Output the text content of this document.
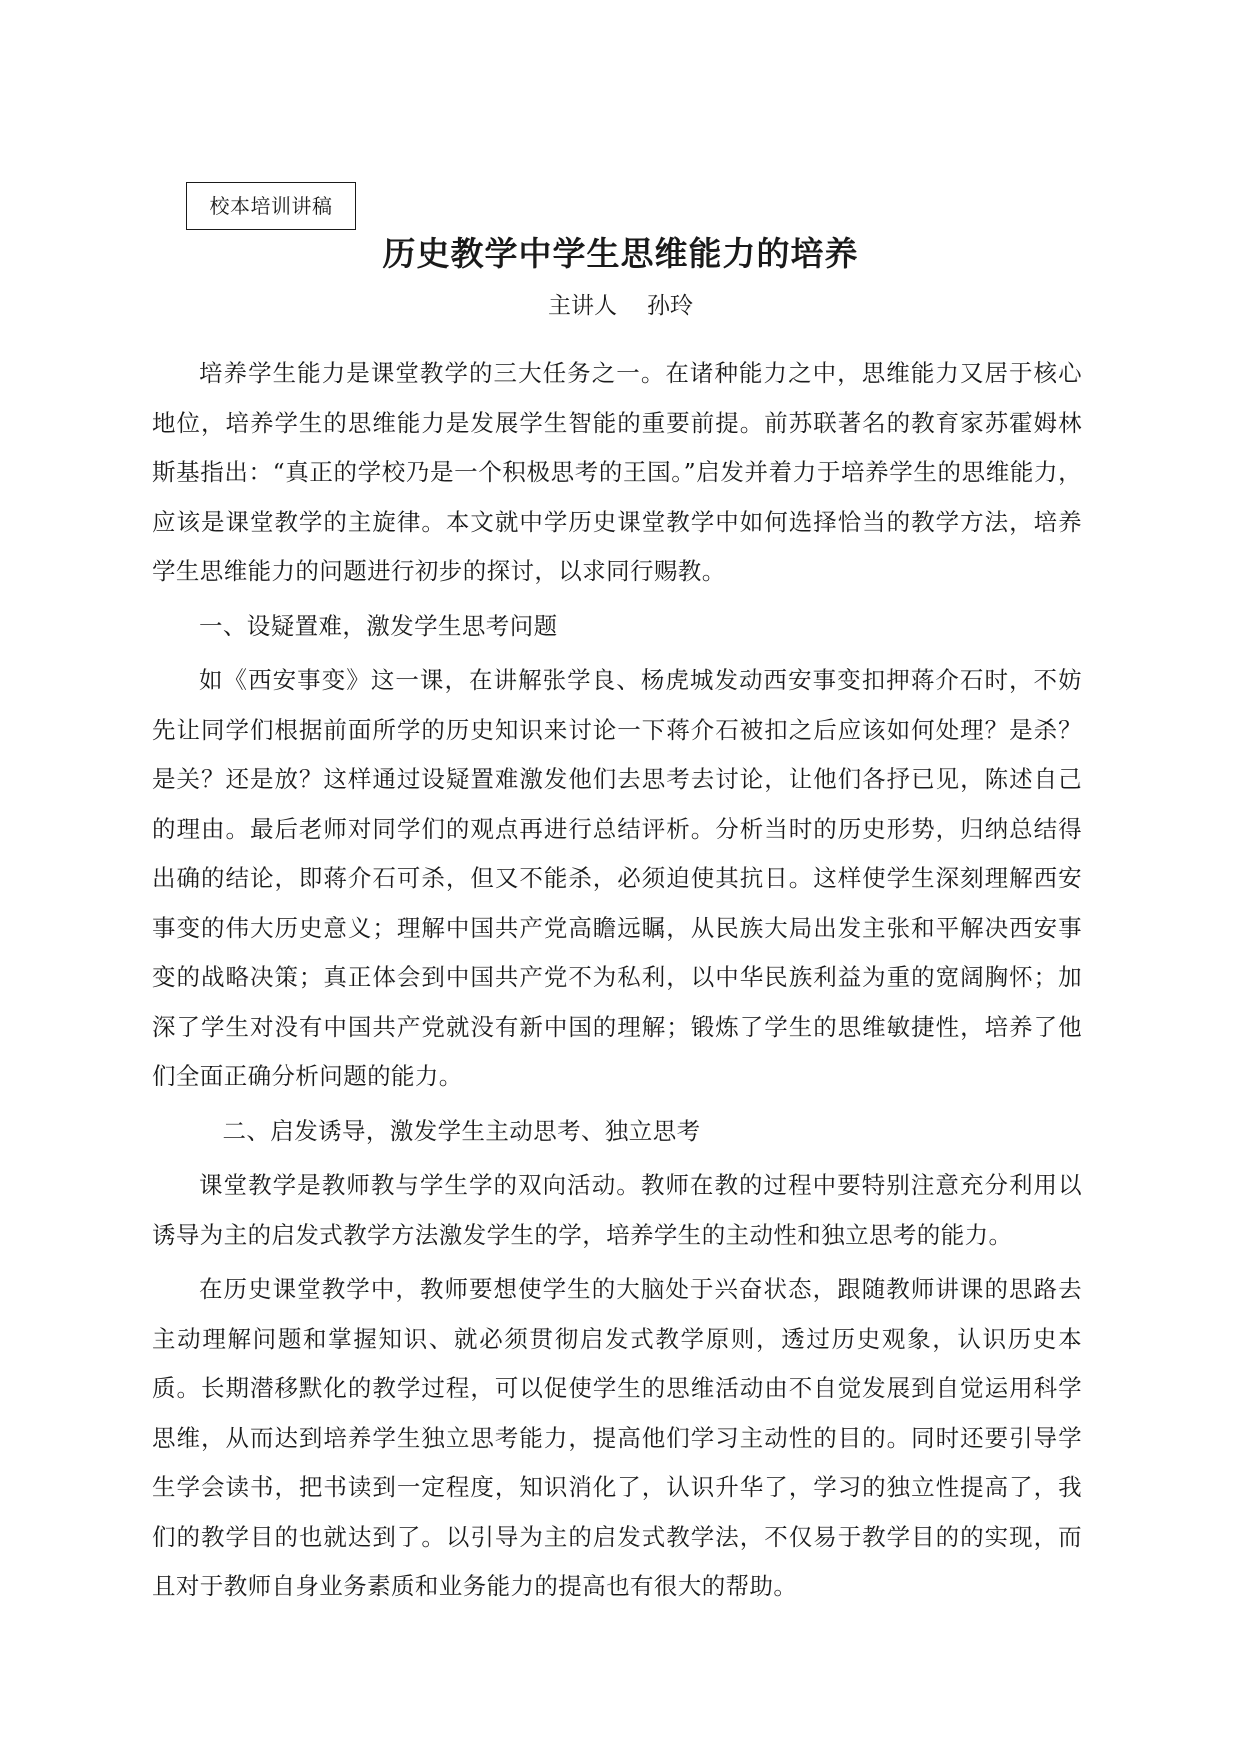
校本培训讲稿
历史教学中学生思维能力的培养
主讲人 孙玲

培养学生能力是课堂教学的三大任务之一。在诸种能力之中，思维能力又居于核心地位，培养学生的思维能力是发展学生智能的重要前提。前苏联著名的教育家苏霍姆林斯基指出：“真正的学校乃是一个积极思考的王国。”启发并着力于培养学生的思维能力，应该是课堂教学的主旋律。本文就中学历史课堂教学中如何选择恰当的教学方法，培养学生思维能力的问题进行初步的探讨，以求同行赐教。

一、设疑置难，激发学生思考问题

如《西安事变》这一课，在讲解张学良、杨虎城发动西安事变扣押蒋介石时，不妨先让同学们根据前面所学的历史知识来讨论一下蒋介石被扣之后应该如何处理？是杀？是关？还是放？这样通过设疑置难激发他们去思考去讨论，让他们各抒已见，陈述自己的理由。最后老师对同学们的观点再进行总结评析。分析当时的历史形势，归纳总结得出确的结论，即蒋介石可杀，但又不能杀，必须迫使其抗日。这样使学生深刻理解西安事变的伟大历史意义；理解中国共产党高瞻远瞩，从民族大局出发主张和平解决西安事变的战略决策；真正体会到中国共产党不为私利，以中华民族利益为重的宽阔胸怀；加深了学生对没有中国共产党就没有新中国的理解；锻炼了学生的思维敏捷性，培养了他们全面正确分析问题的能力。

二、启发诱导，激发学生主动思考、独立思考

课堂教学是教师教与学生学的双向活动。教师在教的过程中要特别注意充分利用以诱导为主的启发式教学方法激发学生的学，培养学生的主动性和独立思考的能力。

在历史课堂教学中，教师要想使学生的大脑处于兴奋状态，跟随教师讲课的思路去主动理解问题和掌握知识、就必须贯彻启发式教学原则，透过历史观象，认识历史本质。长期潜移默化的教学过程，可以促使学生的思维活动由不自觉发展到自觉运用科学思维，从而达到培养学生独立思考能力，提高他们学习主动性的目的。同时还要引导学生学会读书，把书读到一定程度，知识消化了，认识升华了，学习的独立性提高了，我们的教学目的也就达到了。以引导为主的启发式教学法，不仅易于教学目的的实现，而且对于教师自身业务素质和业务能力的提高也有很大的帮助。
